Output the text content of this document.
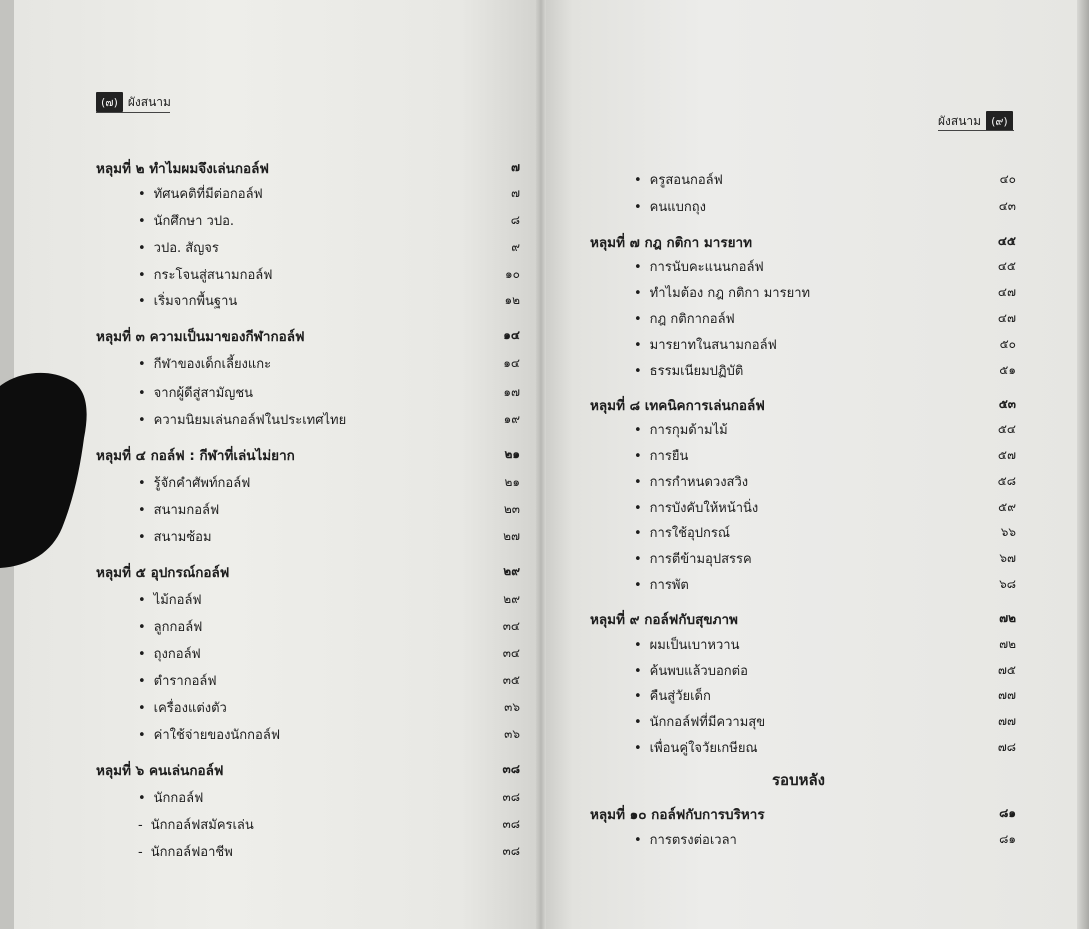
(๗) ผังสนาม
ผังสนาม (๙)
หลุมที่ ๒ ทำไมผมจึงเล่นกอล์ฟ	๗
• ทัศนคติที่มีต่อกอล์ฟ	๗
• นักศึกษา วปอ.	๘
• วปอ. สัญจร	๙
• กระโจนสู่สนามกอล์ฟ	๑๐
• เริ่มจากพื้นฐาน	๑๒
หลุมที่ ๓ ความเป็นมาของกีฬากอล์ฟ	๑๔
• กีฬาของเด็กเลี้ยงแกะ	๑๔
• จากผู้ดีสู่สามัญชน	๑๗
• ความนิยมเล่นกอล์ฟในประเทศไทย	๑๙
หลุมที่ ๔ กอล์ฟ : กีฬาที่เล่นไม่ยาก	๒๑
• รู้จักคำศัพท์กอล์ฟ	๒๑
• สนามกอล์ฟ	๒๓
• สนามซ้อม	๒๗
หลุมที่ ๕ อุปกรณ์กอล์ฟ	๒๙
• ไม้กอล์ฟ	๒๙
• ลูกกอล์ฟ	๓๔
• ถุงกอล์ฟ	๓๔
• ตำรากอล์ฟ	๓๕
• เครื่องแต่งตัว	๓๖
• ค่าใช้จ่ายของนักกอล์ฟ	๓๖
หลุมที่ ๖ คนเล่นกอล์ฟ	๓๘
• นักกอล์ฟ	๓๘
- นักกอล์ฟสมัครเล่น	๓๘
- นักกอล์ฟอาชีพ	๓๘
• ครูสอนกอล์ฟ	๔๐
• คนแบกถุง	๔๓
หลุมที่ ๗ กฎ กติกา มารยาท	๔๕
• การนับคะแนนกอล์ฟ	๔๕
• ทำไมต้อง กฎ กติกา มารยาท	๔๗
• กฎ กติกากอล์ฟ	๔๗
• มารยาทในสนามกอล์ฟ	๕๐
• ธรรมเนียมปฏิบัติ	๕๑
หลุมที่ ๘ เทคนิคการเล่นกอล์ฟ	๕๓
• การกุมด้ามไม้	๕๔
• การยืน	๕๗
• การกำหนดวงสวิง	๕๘
• การบังคับให้หน้านิ่ง	๕๙
• การใช้อุปกรณ์	๖๖
• การตีข้ามอุปสรรค	๖๗
• การพัต	๖๘
หลุมที่ ๙ กอล์ฟกับสุขภาพ	๗๒
• ผมเป็นเบาหวาน	๗๒
• ค้นพบแล้วบอกต่อ	๗๕
• คืนสู่วัยเด็ก	๗๗
• นักกอล์ฟที่มีความสุข	๗๗
• เพื่อนคู่ใจวัยเกษียณ	๗๘
หลุมที่ ๑๐ กอล์ฟกับการบริหาร	๘๑
• การตรงต่อเวลา	๘๑
รอบหลัง
